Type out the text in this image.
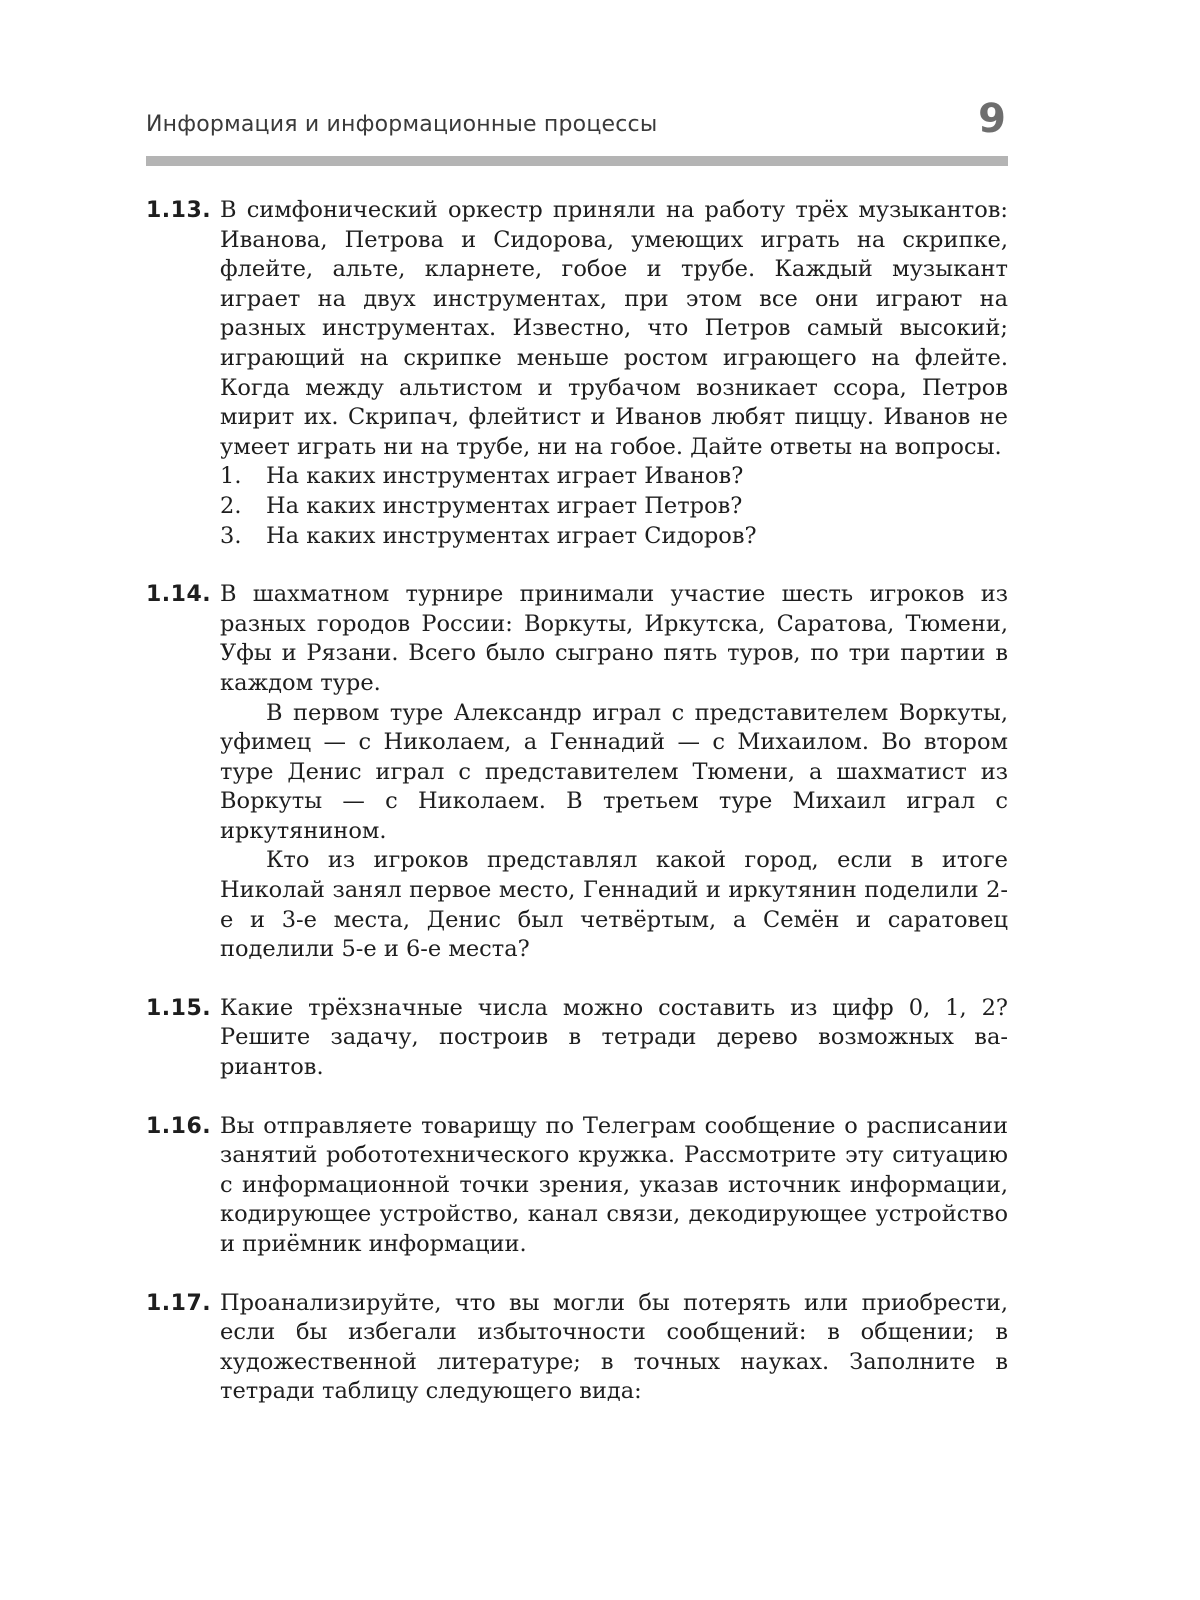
Информация и информационные процессы	9
1.13. В симфонический оркестр приняли на работу трёх музыкантов: Иванова, Петрова и Сидорова, умеющих играть на скрипке, флейте, альте, кларнете, гобое и трубе. Каждый музыкант играет на двух инструментах, при этом все они играют на разных инструментах. Известно, что Петров самый высокий; играющий на скрипке меньше ростом играющего на флейте. Когда между альтистом и трубачом возникает ссора, Петров мирит их. Скрипач, флейтист и Иванов любят пиццу. Иванов не умеет играть ни на трубе, ни на гобое. Дайте ответы на вопросы.

1. На каких инструментах играет Иванов?
2. На каких инструментах играет Петров?
3. На каких инструментах играет Сидоров?
1.14. В шахматном турнире принимали участие шесть игроков из разных городов России: Воркуты, Иркутска, Саратова, Тюмени, Уфы и Рязани. Всего было сыграно пять туров, по три партии в каждом туре.

В первом туре Александр играл с представителем Воркуты, уфимец — с Николаем, а Геннадий — с Михаилом. Во втором туре Денис играл с представителем Тюмени, а шахматист из Воркуты — с Николаем. В третьем туре Михаил играл с иркутянином.

Кто из игроков представлял какой город, если в итоге Николай занял первое место, Геннадий и иркутянин поделили 2-е и 3-е места, Денис был четвёртым, а Семён и саратовец поделили 5-е и 6-е места?

1.15. Какие трёхзначные числа можно составить из цифр 0, 1, 2? Решите задачу, построив в тетради дерево возможных вариантов.

1.16. Вы отправляете товарищу по Телеграм сообщение о расписании занятий робототехнического кружка. Рассмотрите эту ситуацию с информационной точки зрения, указав источник информации, кодирующее устройство, канал связи, декодирующее устройство и приёмник информации.

1.17. Проанализируйте, что вы могли бы потерять или приобрести, если бы избегали избыточности сообщений: в общении; в художественной литературе; в точных науках. Заполните в тетради таблицу следующего вида:
